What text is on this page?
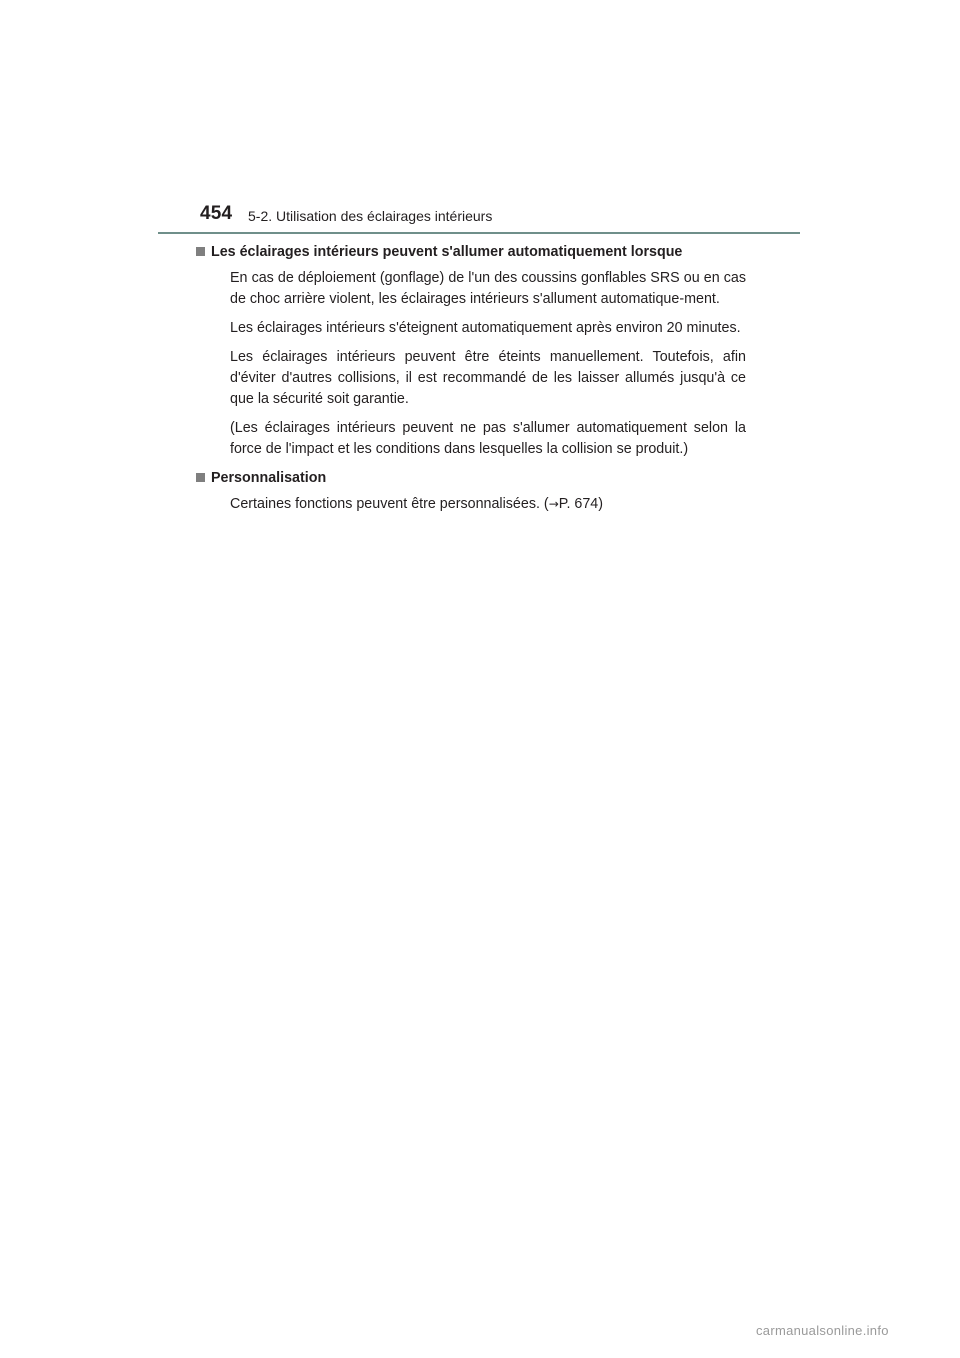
454 5-2. Utilisation des éclairages intérieurs
Les éclairages intérieurs peuvent s'allumer automatiquement lorsque

En cas de déploiement (gonflage) de l'un des coussins gonflables SRS ou en cas de choc arrière violent, les éclairages intérieurs s'allument automatique-ment.

Les éclairages intérieurs s'éteignent automatiquement après environ 20 minutes.

Les éclairages intérieurs peuvent être éteints manuellement. Toutefois, afin d'éviter d'autres collisions, il est recommandé de les laisser allumés jusqu'à ce que la sécurité soit garantie.

(Les éclairages intérieurs peuvent ne pas s'allumer automatiquement selon la force de l'impact et les conditions dans lesquelles la collision se produit.)

Personnalisation

Certaines fonctions peuvent être personnalisées. (→P. 674)

carmanualsonline.info
